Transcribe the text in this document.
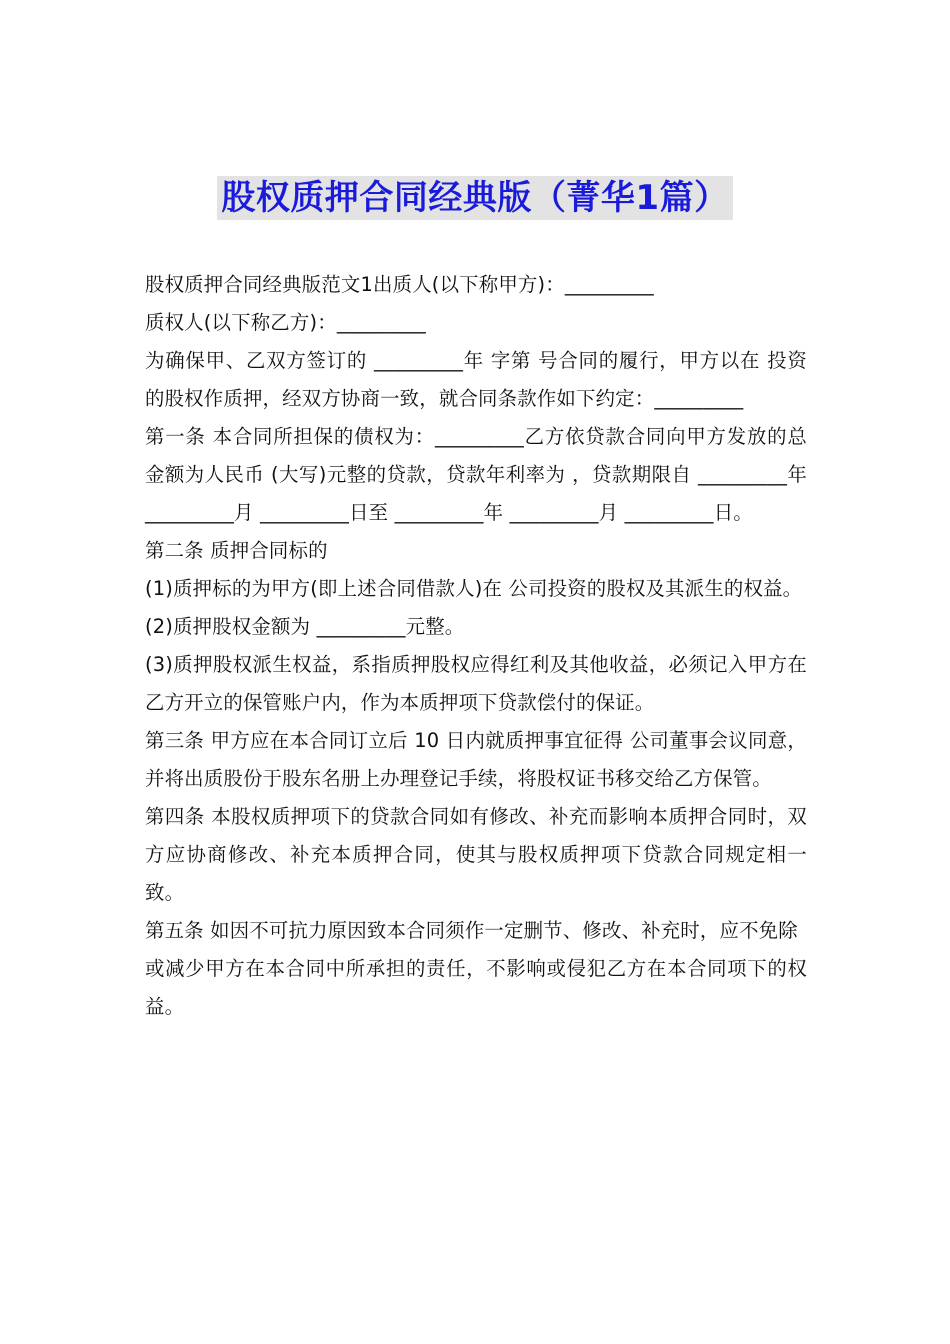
股权质押合同经典版（菁华1篇）

股权质押合同经典版范文1出质人(以下称甲方)：_________

质权人(以下称乙方)：_________

为确保甲、乙双方签订的 _________年 字第 号合同的履行，甲方以在 投资的股权作质押，经双方协商一致，就合同条款作如下约定：_________

第一条 本合同所担保的债权为：_________乙方依贷款合同向甲方发放的总金额为人民币 (大写)元整的贷款，贷款年利率为 ，贷款期限自 _________年 _________月 _________日至 _________年 _________月 _________日。

第二条 质押合同标的

(1)质押标的为甲方(即上述合同借款人)在 公司投资的股权及其派生的权益。

(2)质押股权金额为 _________元整。

(3)质押股权派生权益，系指质押股权应得红利及其他收益，必须记入甲方在乙方开立的保管账户内，作为本质押项下贷款偿付的保证。

第三条 甲方应在本合同订立后 10 日内就质押事宜征得 公司董事会议同意，并将出质股份于股东名册上办理登记手续，将股权证书移交给乙方保管。

第四条 本股权质押项下的贷款合同如有修改、补充而影响本质押合同时，双方应协商修改、补充本质押合同，使其与股权质押项下贷款合同规定相一致。

第五条 如因不可抗力原因致本合同须作一定删节、修改、补充时，应不免除

或减少甲方在本合同中所承担的责任，不影响或侵犯乙方在本合同项下的权益。
